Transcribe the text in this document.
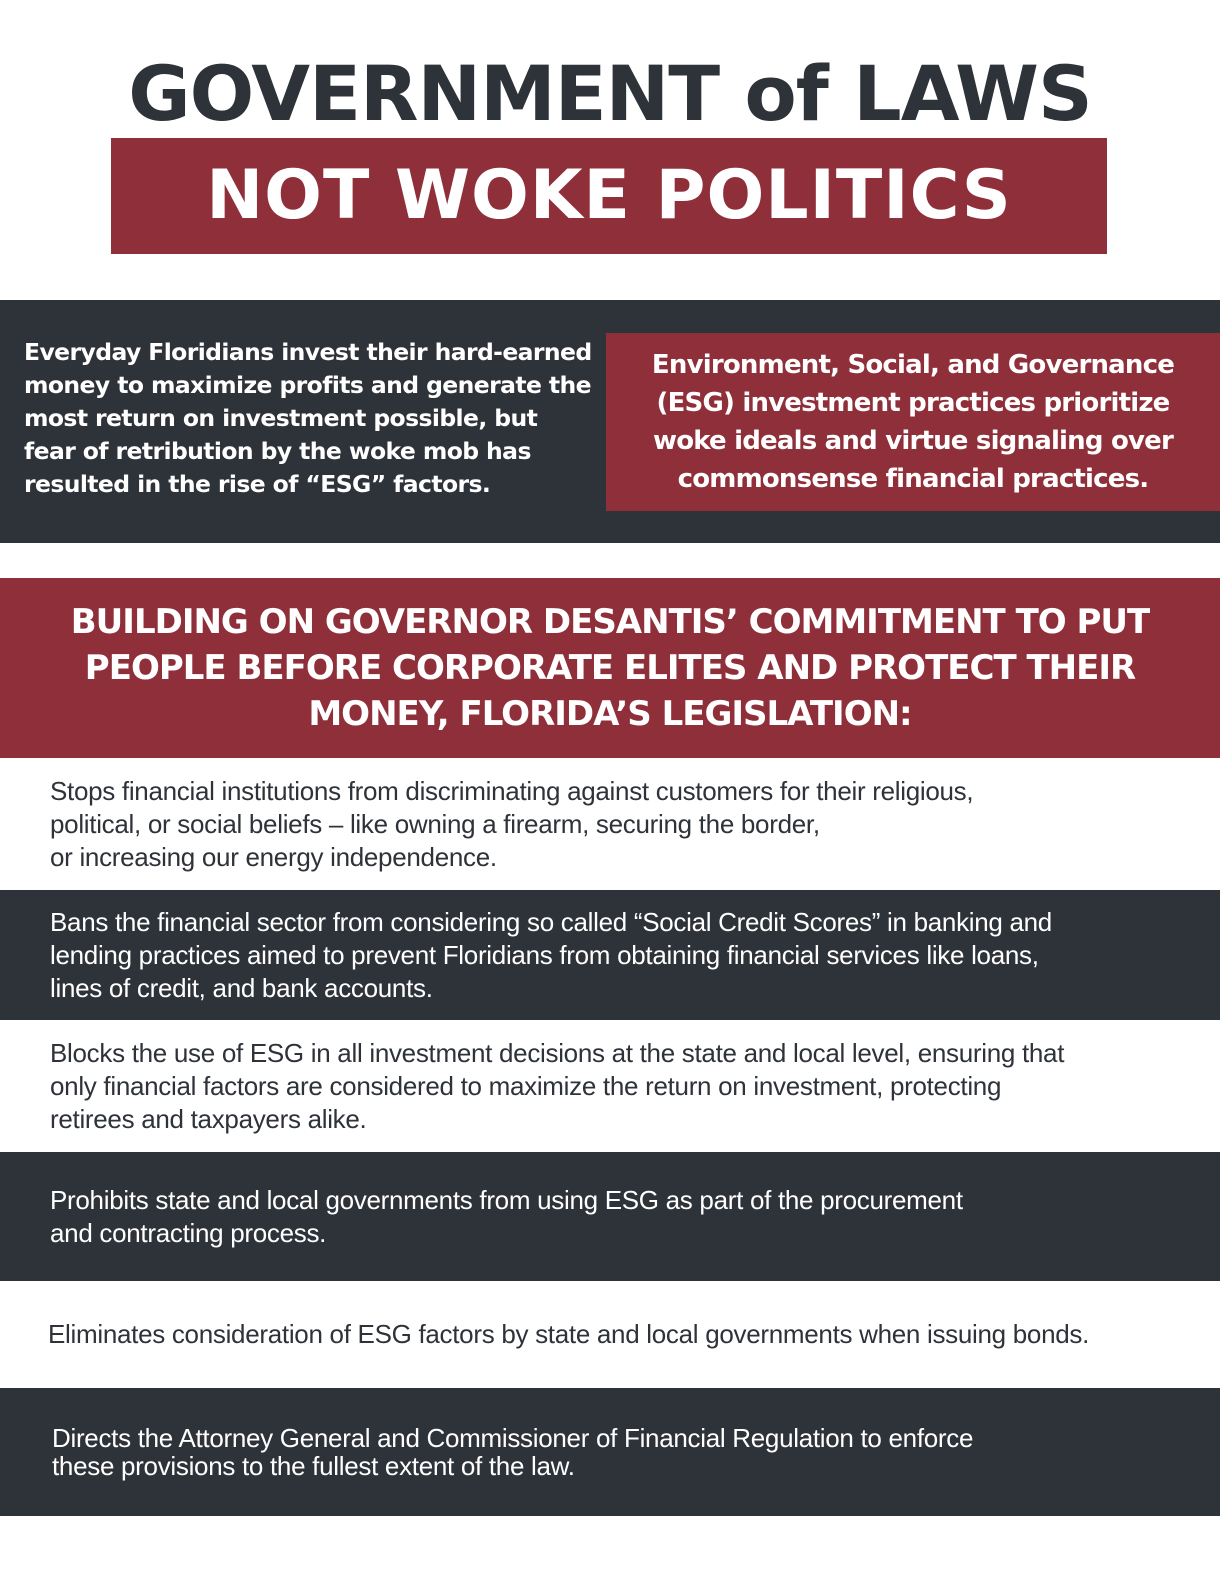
GOVERNMENT of LAWS
NOT WOKE POLITICS
Everyday Floridians invest their hard-earned money to maximize profits and generate the most return on investment possible, but fear of retribution by the woke mob has resulted in the rise of “ESG” factors.

Environment, Social, and Governance (ESG) investment practices prioritize woke ideals and virtue signaling over commonsense financial practices.

BUILDING ON GOVERNOR DESANTIS’ COMMITMENT TO PUT PEOPLE BEFORE CORPORATE ELITES AND PROTECT THEIR MONEY, FLORIDA’S LEGISLATION:

Stops financial institutions from discriminating against customers for their religious,
political, or social beliefs – like owning a firearm, securing the border,
or increasing our energy independence.

Bans the financial sector from considering so called “Social Credit Scores” in banking and
lending practices aimed to prevent Floridians from obtaining financial services like loans,
lines of credit, and bank accounts.

Blocks the use of ESG in all investment decisions at the state and local level, ensuring that
only financial factors are considered to maximize the return on investment, protecting
retirees and taxpayers alike.

Prohibits state and local governments from using ESG as part of the procurement
and contracting process.

Eliminates consideration of ESG factors by state and local governments when issuing bonds.

Directs the Attorney General and Commissioner of Financial Regulation to enforce
these provisions to the fullest extent of the law.
